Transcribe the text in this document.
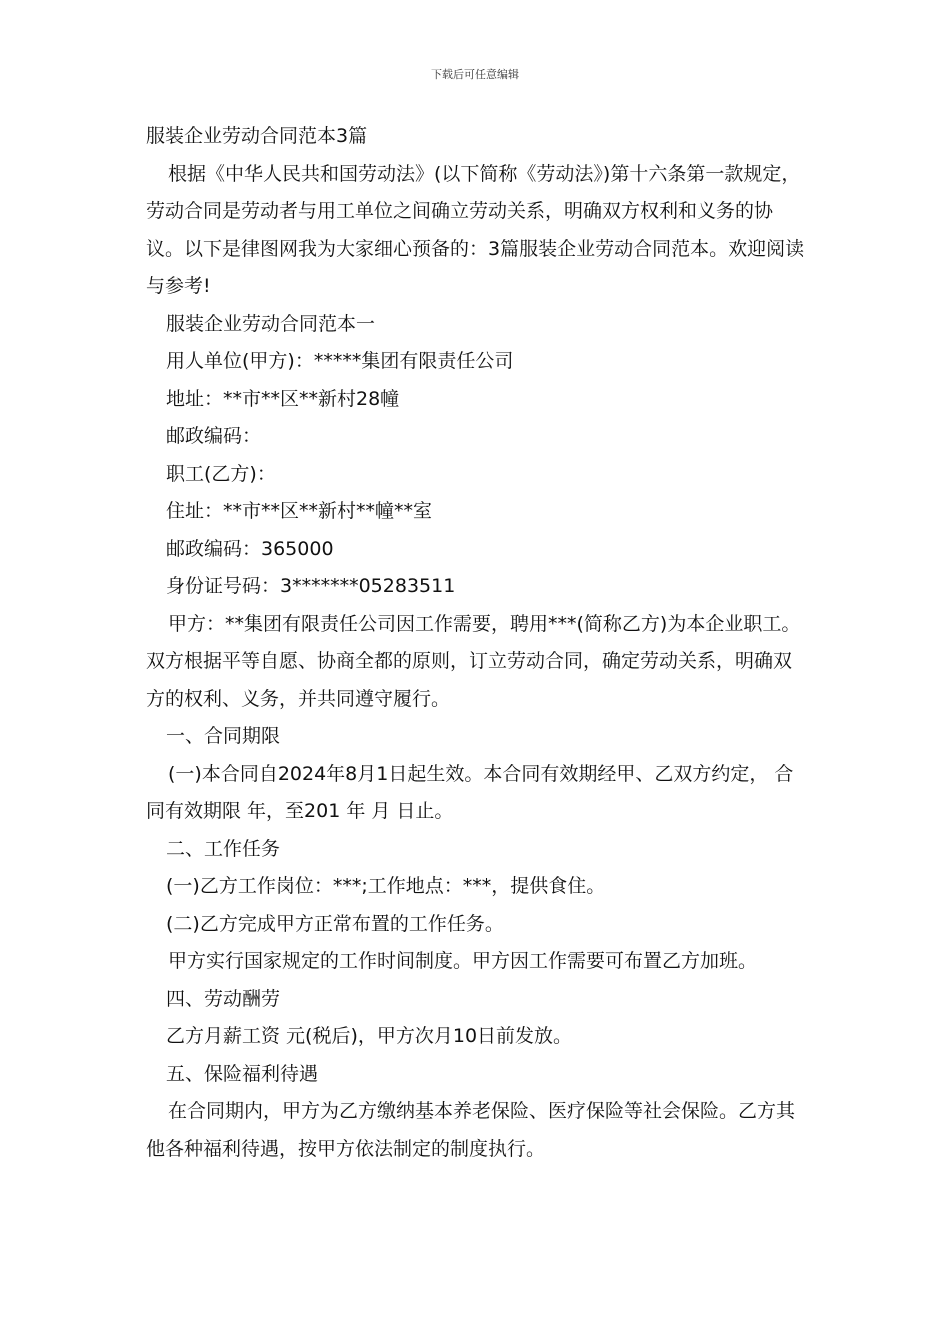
下载后可任意编辑

服装企业劳动合同范本3篇

根据《中华人民共和国劳动法》(以下简称《劳动法》)第十六条第一款规定，劳动合同是劳动者与用工单位之间确立劳动关系，明确双方权利和义务的协议。以下是律图网我为大家细心预备的：3篇服装企业劳动合同范本。欢迎阅读与参考!

服装企业劳动合同范本一

用人单位(甲方)：*****集团有限责任公司

地址：**市**区**新村28幢

邮政编码：

职工(乙方)：

住址：**市**区**新村**幢**室

邮政编码：365000

身份证号码：3*******05283511

甲方：**集团有限责任公司因工作需要，聘用***(简称乙方)为本企业职工。双方根据平等自愿、协商全都的原则，订立劳动合同，确定劳动关系，明确双方的权利、义务，并共同遵守履行。

一、合同期限

(一)本合同自2024年8月1日起生效。本合同有效期经甲、乙双方约定， 合同有效期限 年，至201 年 月 日止。

二、工作任务

(一)乙方工作岗位：***;工作地点：***，提供食住。

(二)乙方完成甲方正常布置的工作任务。

甲方实行国家规定的工作时间制度。甲方因工作需要可布置乙方加班。

四、劳动酬劳

乙方月薪工资 元(税后)，甲方次月10日前发放。

五、保险福利待遇

在合同期内，甲方为乙方缴纳基本养老保险、医疗保险等社会保险。乙方其他各种福利待遇，按甲方依法制定的制度执行。
